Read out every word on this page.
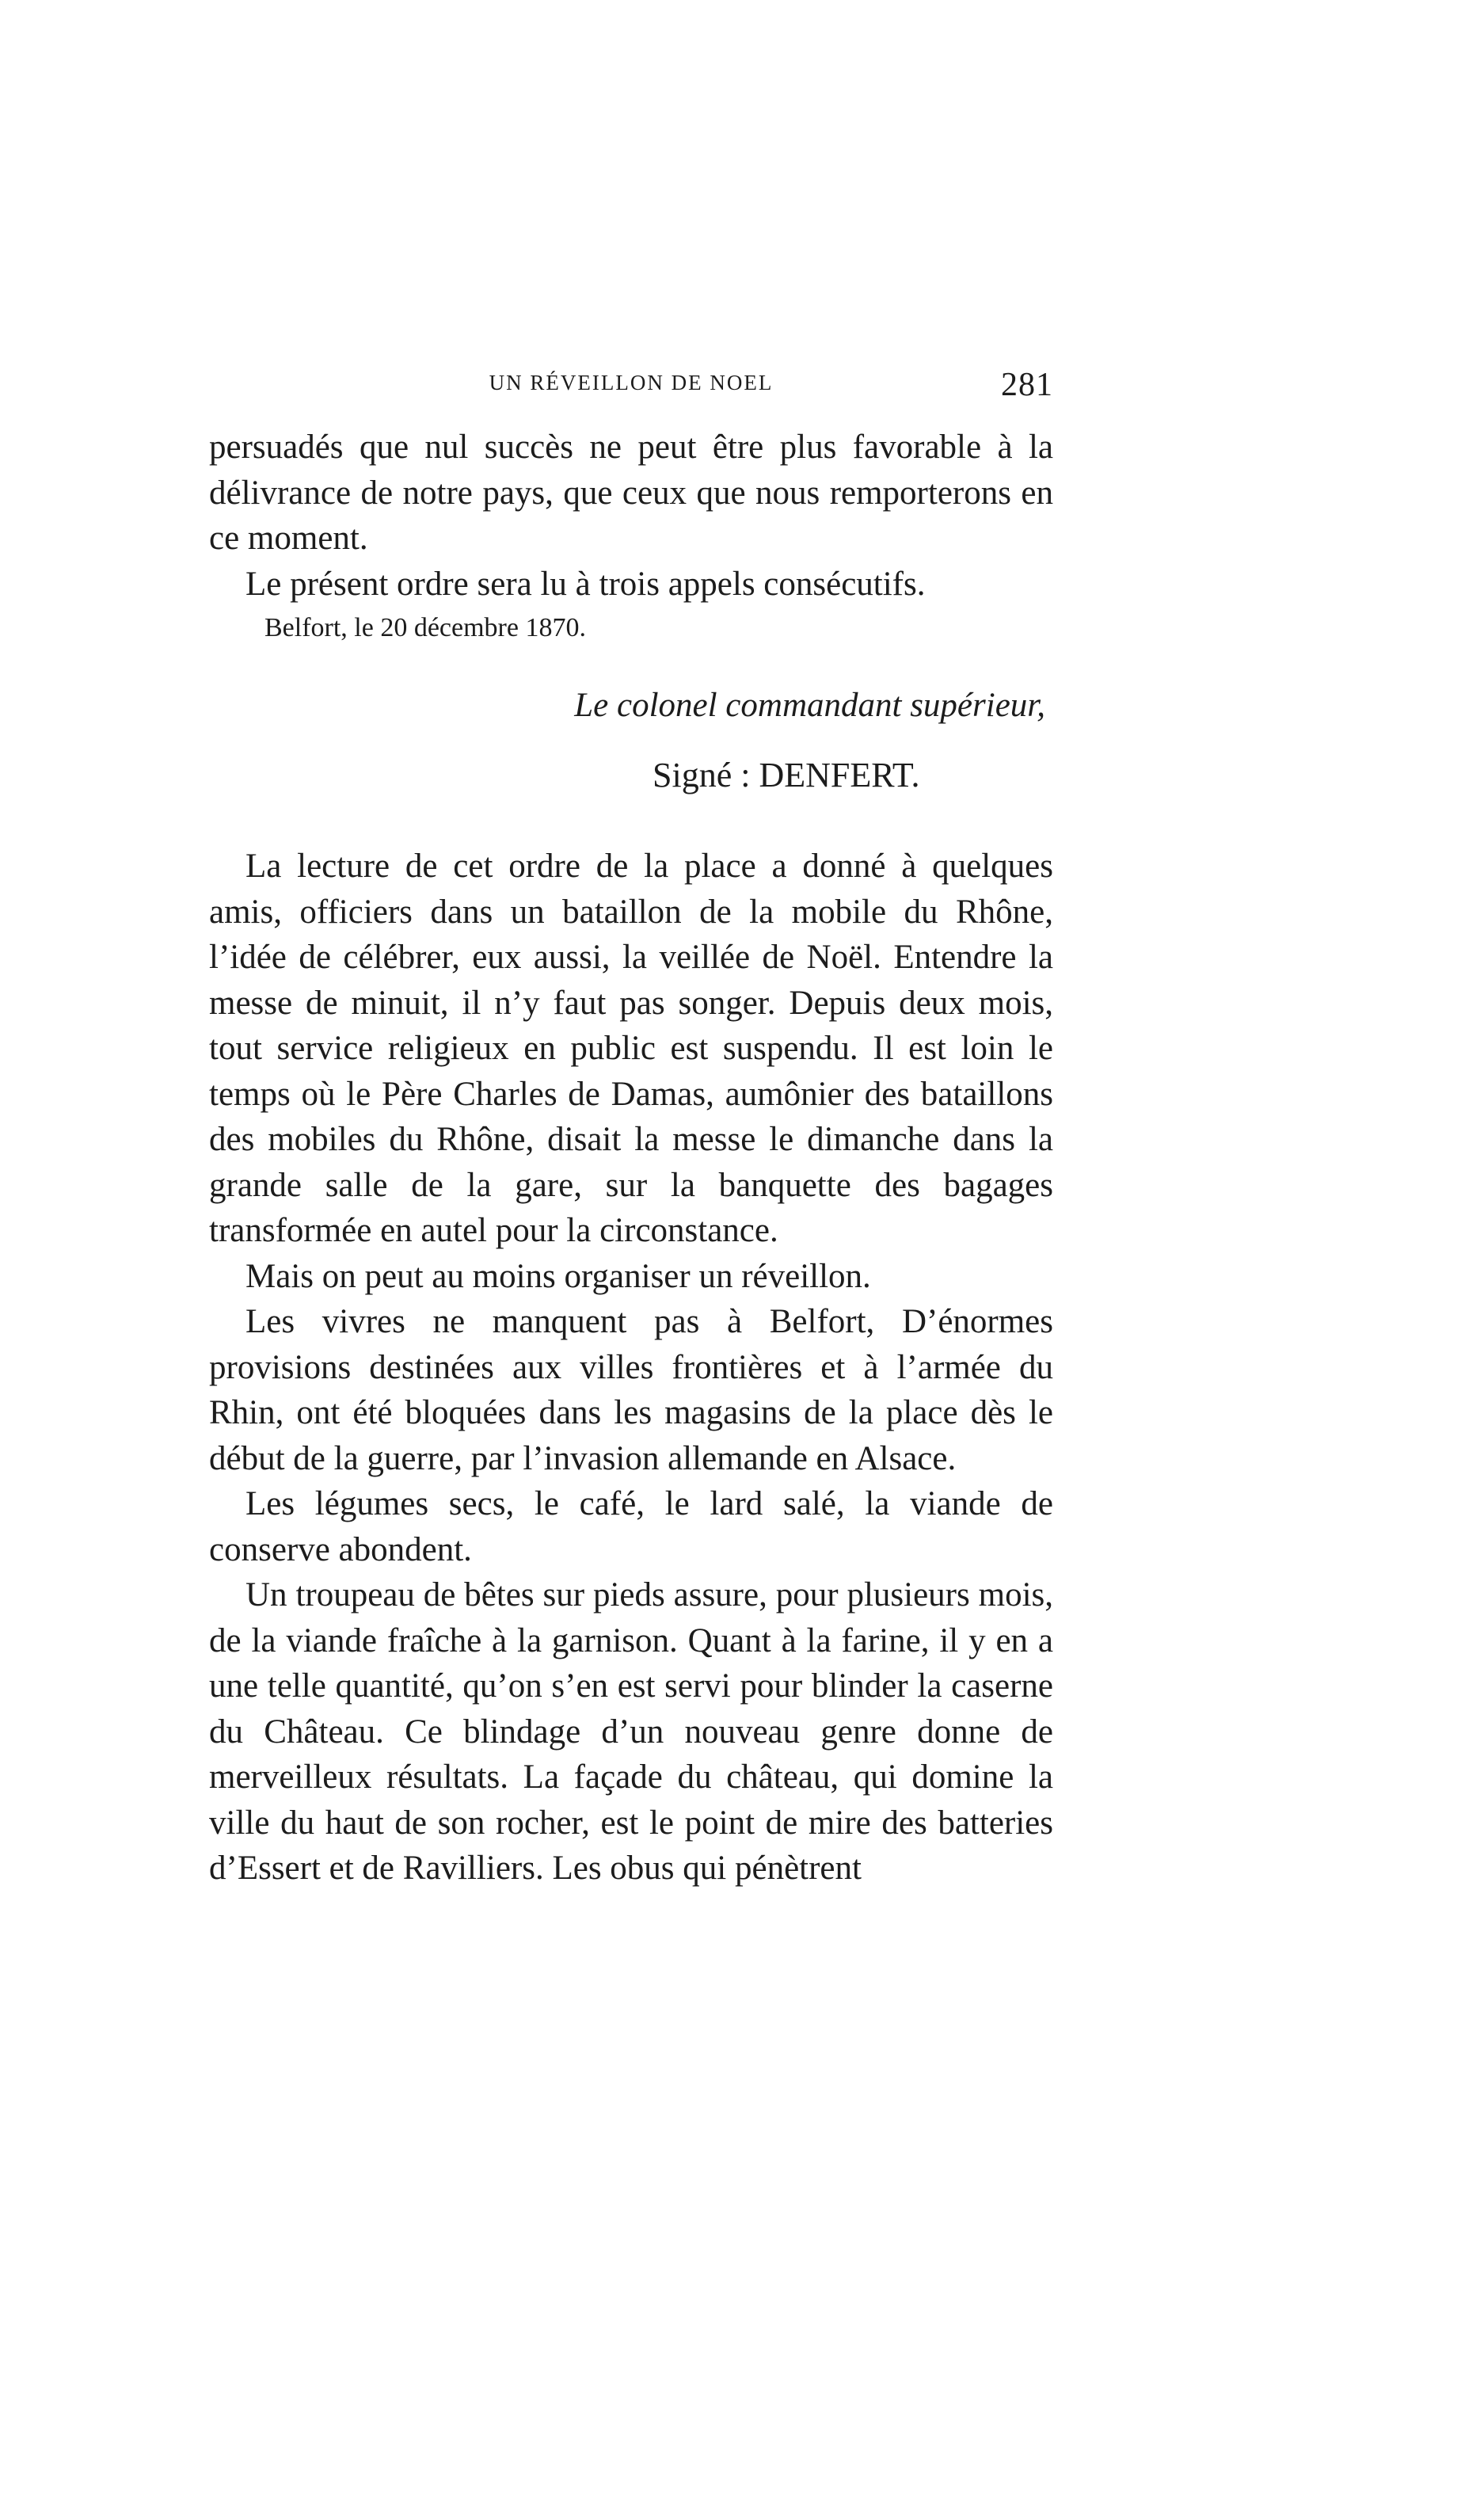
UN RÉVEILLON DE NOEL	281

persuadés que nul succès ne peut être plus favorable à la délivrance de notre pays, que ceux que nous remporterons en ce moment.

Le présent ordre sera lu à trois appels consécutifs.

Belfort, le 20 décembre 1870.

Le colonel commandant supérieur,

Signé : DENFERT.

La lecture de cet ordre de la place a donné à quelques amis, officiers dans un bataillon de la mobile du Rhône, l’idée de célébrer, eux aussi, la veillée de Noël. Entendre la messe de minuit, il n’y faut pas songer. Depuis deux mois, tout service religieux en public est suspendu. Il est loin le temps où le Père Charles de Damas, aumônier des bataillons des mobiles du Rhône, disait la messe le dimanche dans la grande salle de la gare, sur la banquette des bagages transformée en autel pour la circonstance.

Mais on peut au moins organiser un réveillon.

Les vivres ne manquent pas à Belfort, D’énormes provisions destinées aux villes frontières et à l’armée du Rhin, ont été bloquées dans les magasins de la place dès le début de la guerre, par l’invasion allemande en Alsace.

Les légumes secs, le café, le lard salé, la viande de conserve abondent.

Un troupeau de bêtes sur pieds assure, pour plusieurs mois, de la viande fraîche à la garnison. Quant à la farine, il y en a une telle quantité, qu’on s’en est servi pour blinder la caserne du Château. Ce blindage d’un nouveau genre donne de merveilleux résultats. La façade du château, qui domine la ville du haut de son rocher, est le point de mire des batteries d’Essert et de Ravilliers. Les obus qui pénètrent
